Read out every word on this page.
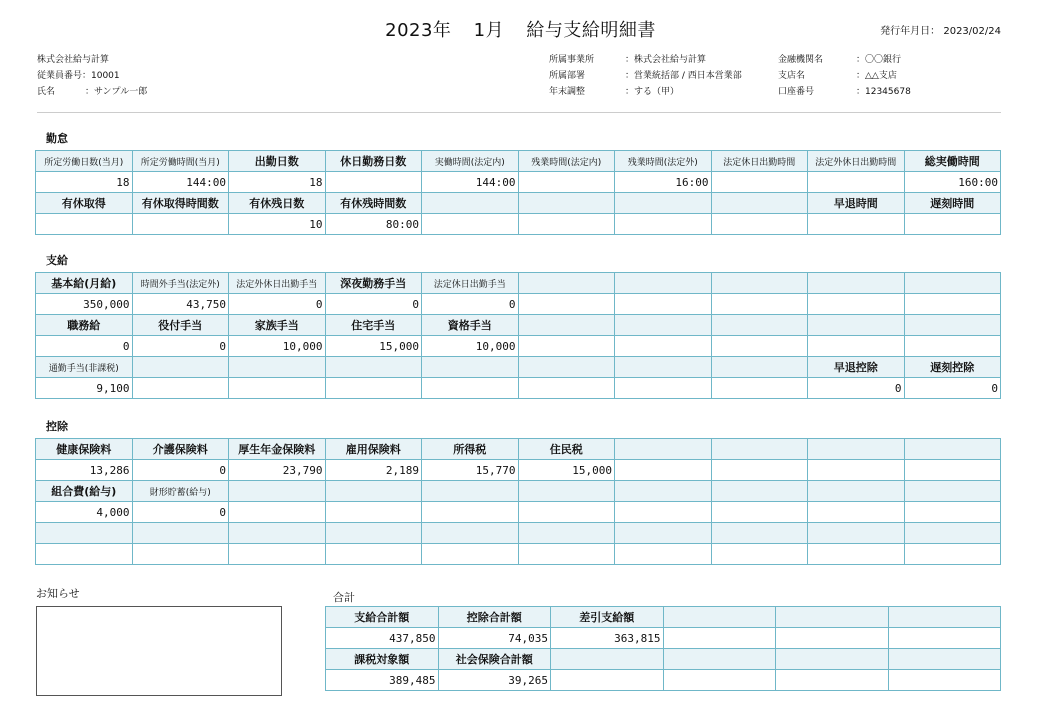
2023年 1月 給与支給明細書	発行年月日： 2023/02/24
株式会社給与計算
従業員番号：10001
氏名	：サンプル一郎
所属事業所	：株式会社給与計算
所属部署	：営業統括部 / 西日本営業部
年末調整	：する（甲）
金融機関名	：〇〇銀行
支店名	：△△支店
口座番号	：12345678
勤怠
所定労働日数(当月)	所定労働時間(当月)	出勤日数	休日勤務日数	実働時間(法定内)	残業時間(法定内)	残業時間(法定外)	法定休日出勤時間	法定外休日出勤時間	総実働時間
18	144:00	18		144:00		16:00			160:00
有休取得	有休取得時間数	有休残日数	有休残時間数					早退時間	遅刻時間
		10	80:00						
支給
基本給(月給)	時間外手当(法定外)	法定外休日出勤手当	深夜勤務手当	法定休日出勤手当					
350,000	43,750	0	0	0					
職務給	役付手当	家族手当	住宅手当	資格手当					
0	0	10,000	15,000	10,000					
通勤手当(非課税)								早退控除	遅刻控除
9,100								0	0
控除
健康保険料	介護保険料	厚生年金保険料	雇用保険料	所得税	住民税				
13,286	0	23,790	2,189	15,770	15,000				
組合費(給与)	財形貯蓄(給与)								
4,000	0								

お知らせ	合計
支給合計額	控除合計額	差引支給額			
437,850	74,035	363,815			
課税対象額	社会保険合計額				
389,485	39,265				
